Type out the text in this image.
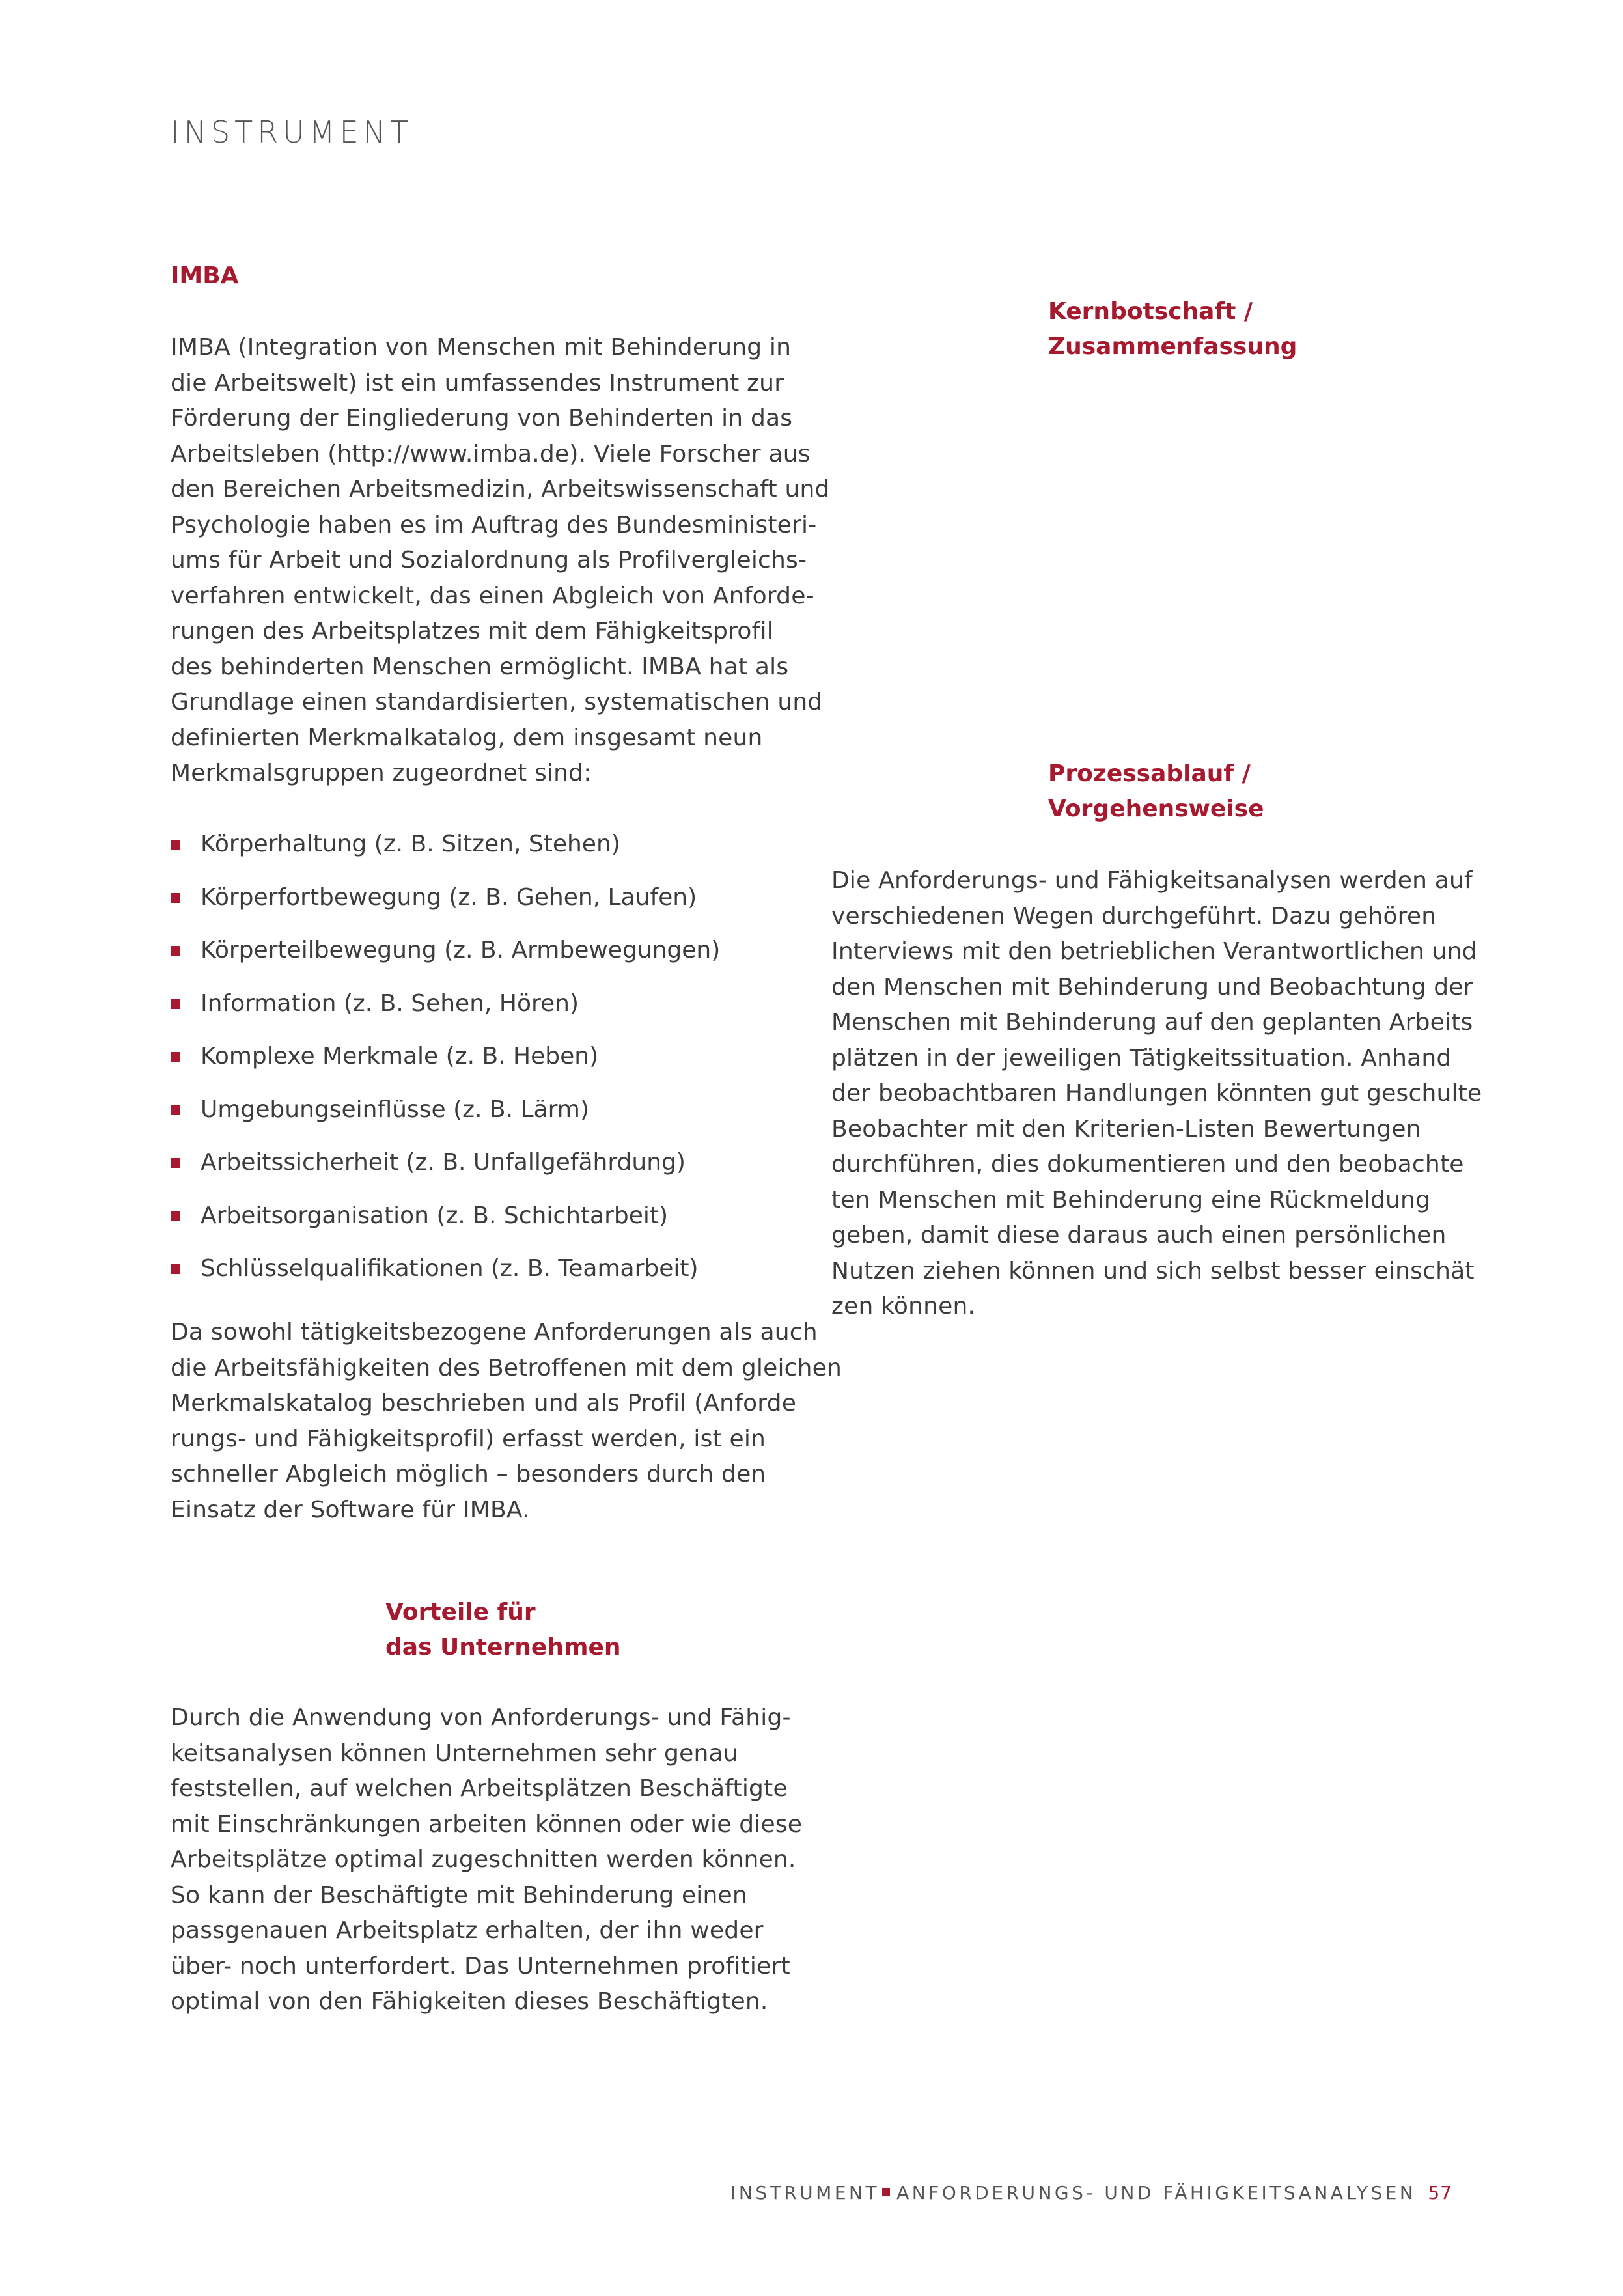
INSTRUMENT
IMBA
IMBA (Integration von Menschen mit Behinderung in
die Arbeitswelt) ist ein umfassendes Instrument zur
Förderung der Eingliederung von Behinderten in das
Arbeitsleben (http://www.imba.de). Viele Forscher aus
den Bereichen Arbeitsmedizin, Arbeitswissenschaft und
Psychologie haben es im Auftrag des Bundesministeri-
ums für Arbeit und Sozialordnung als Profilvergleichs-
verfahren entwickelt, das einen Abgleich von Anforde-
rungen des Arbeitsplatzes mit dem Fähigkeitsprofil
des behinderten Menschen ermöglicht. IMBA hat als
Grundlage einen standardisierten, systematischen und
definierten Merkmalkatalog, dem insgesamt neun
Merkmalsgruppen zugeordnet sind:
Körperhaltung (z. B. Sitzen, Stehen)
Körperfortbewegung (z. B. Gehen, Laufen)
Körperteilbewegung (z. B. Armbewegungen)
Information (z. B. Sehen, Hören)
Komplexe Merkmale (z. B. Heben)
Umgebungseinflüsse (z. B. Lärm)
Arbeitssicherheit (z. B. Unfallgefährdung)
Arbeitsorganisation (z. B. Schichtarbeit)
Schlüsselqualifikationen (z. B. Teamarbeit)
Da sowohl tätigkeitsbezogene Anforderungen als auch
die Arbeitsfähigkeiten des Betroffenen mit dem gleichen
Merkmalskatalog beschrieben und als Profil (Anforde
rungs- und Fähigkeitsprofil) erfasst werden, ist ein
schneller Abgleich möglich – besonders durch den
Einsatz der Software für IMBA.
Vorteile für
das Unternehmen
Durch die Anwendung von Anforderungs- und Fähig-
keitsanalysen können Unternehmen sehr genau
feststellen, auf welchen Arbeitsplätzen Beschäftigte
mit Einschränkungen arbeiten können oder wie diese
Arbeitsplätze optimal zugeschnitten werden können.
So kann der Beschäftigte mit Behinderung einen
passgenauen Arbeitsplatz erhalten, der ihn weder
über- noch unterfordert. Das Unternehmen profitiert
optimal von den Fähigkeiten dieses Beschäftigten.
Kernbotschaft /
Zusammenfassung
Prozessablauf /
Vorgehensweise
Die Anforderungs- und Fähigkeitsanalysen werden auf
verschiedenen Wegen durchgeführt. Dazu gehören
Interviews mit den betrieblichen Verantwortlichen und
den Menschen mit Behinderung und Beobachtung der
Menschen mit Behinderung auf den geplanten Arbeits
plätzen in der jeweiligen Tätigkeitssituation. Anhand
der beobachtbaren Handlungen könnten gut geschulte
Beobachter mit den Kriterien-Listen Bewertungen
durchführen, dies dokumentieren und den beobachte
ten Menschen mit Behinderung eine Rückmeldung
geben, damit diese daraus auch einen persönlichen
Nutzen ziehen können und sich selbst besser einschät
zen können.
INSTRUMENT ANFORDERUNGS- UND FÄHIGKEITSANALYSEN 57
